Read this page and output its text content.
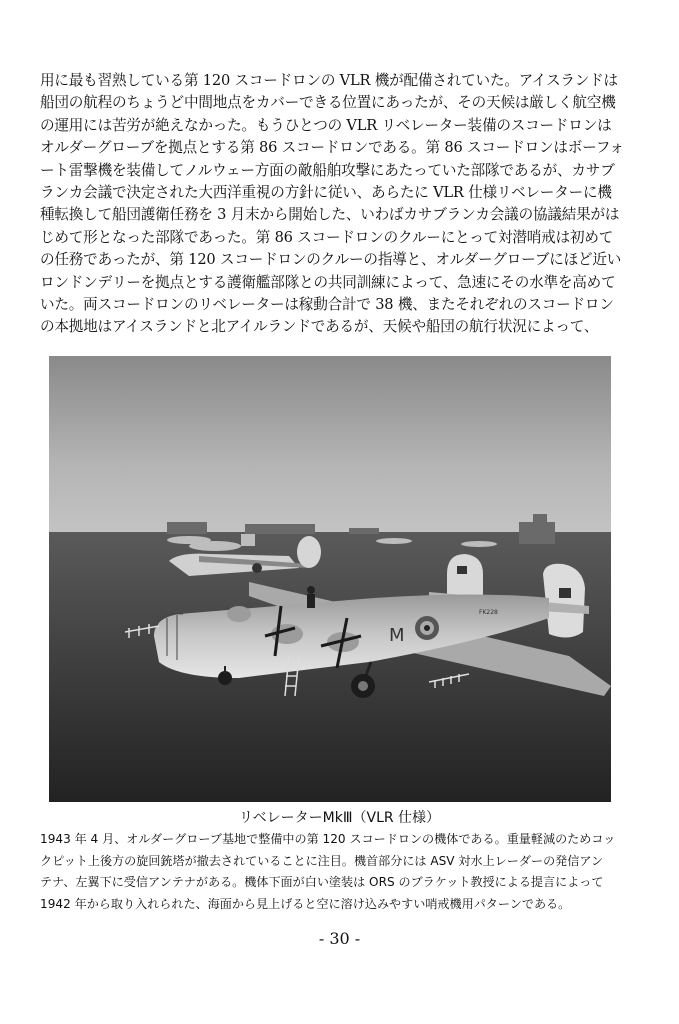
用に最も習熟している第 120 スコードロンの VLR 機が配備されていた。アイスランドは
船団の航程のちょうど中間地点をカバーできる位置にあったが、その天候は厳しく航空機
の運用には苦労が絶えなかった。もうひとつの VLR リベレーター装備のスコードロンは
オルダーグローブを拠点とする第 86 スコードロンである。第 86 スコードロンはボーフォ
ート雷撃機を装備してノルウェー方面の敵船舶攻撃にあたっていた部隊であるが、カサブ
ランカ会議で決定された大西洋重視の方針に従い、あらたに VLR 仕様リベレーターに機
種転換して船団護衛任務を 3 月末から開始した、いわばカサブランカ会議の協議結果がは
じめて形となった部隊であった。第 86 スコードロンのクルーにとって対潜哨戒は初めて
の任務であったが、第 120 スコードロンのクルーの指導と、オルダーグローブにほど近い
ロンドンデリーを拠点とする護衛艦部隊との共同訓練によって、急速にその水準を高めて
いた。両スコードロンのリベレーターは稼動合計で 38 機、またそれぞれのスコードロン
の本拠地はアイスランドと北アイルランドであるが、天候や船団の航行状況によって、
FK228
M
リベレーターMkⅢ（VLR 仕様）
1943 年 4 月、オルダーグローブ基地で整備中の第 120 スコードロンの機体である。重量軽減のためコッ
クピット上後方の旋回銃塔が撤去されていることに注目。機首部分には ASV 対水上レーダーの発信アン
テナ、左翼下に受信アンテナがある。機体下面が白い塗装は ORS のブラケット教授による提言によって
1942 年から取り入れられた、海面から見上げると空に溶け込みやすい哨戒機用パターンである。
- 30 -
